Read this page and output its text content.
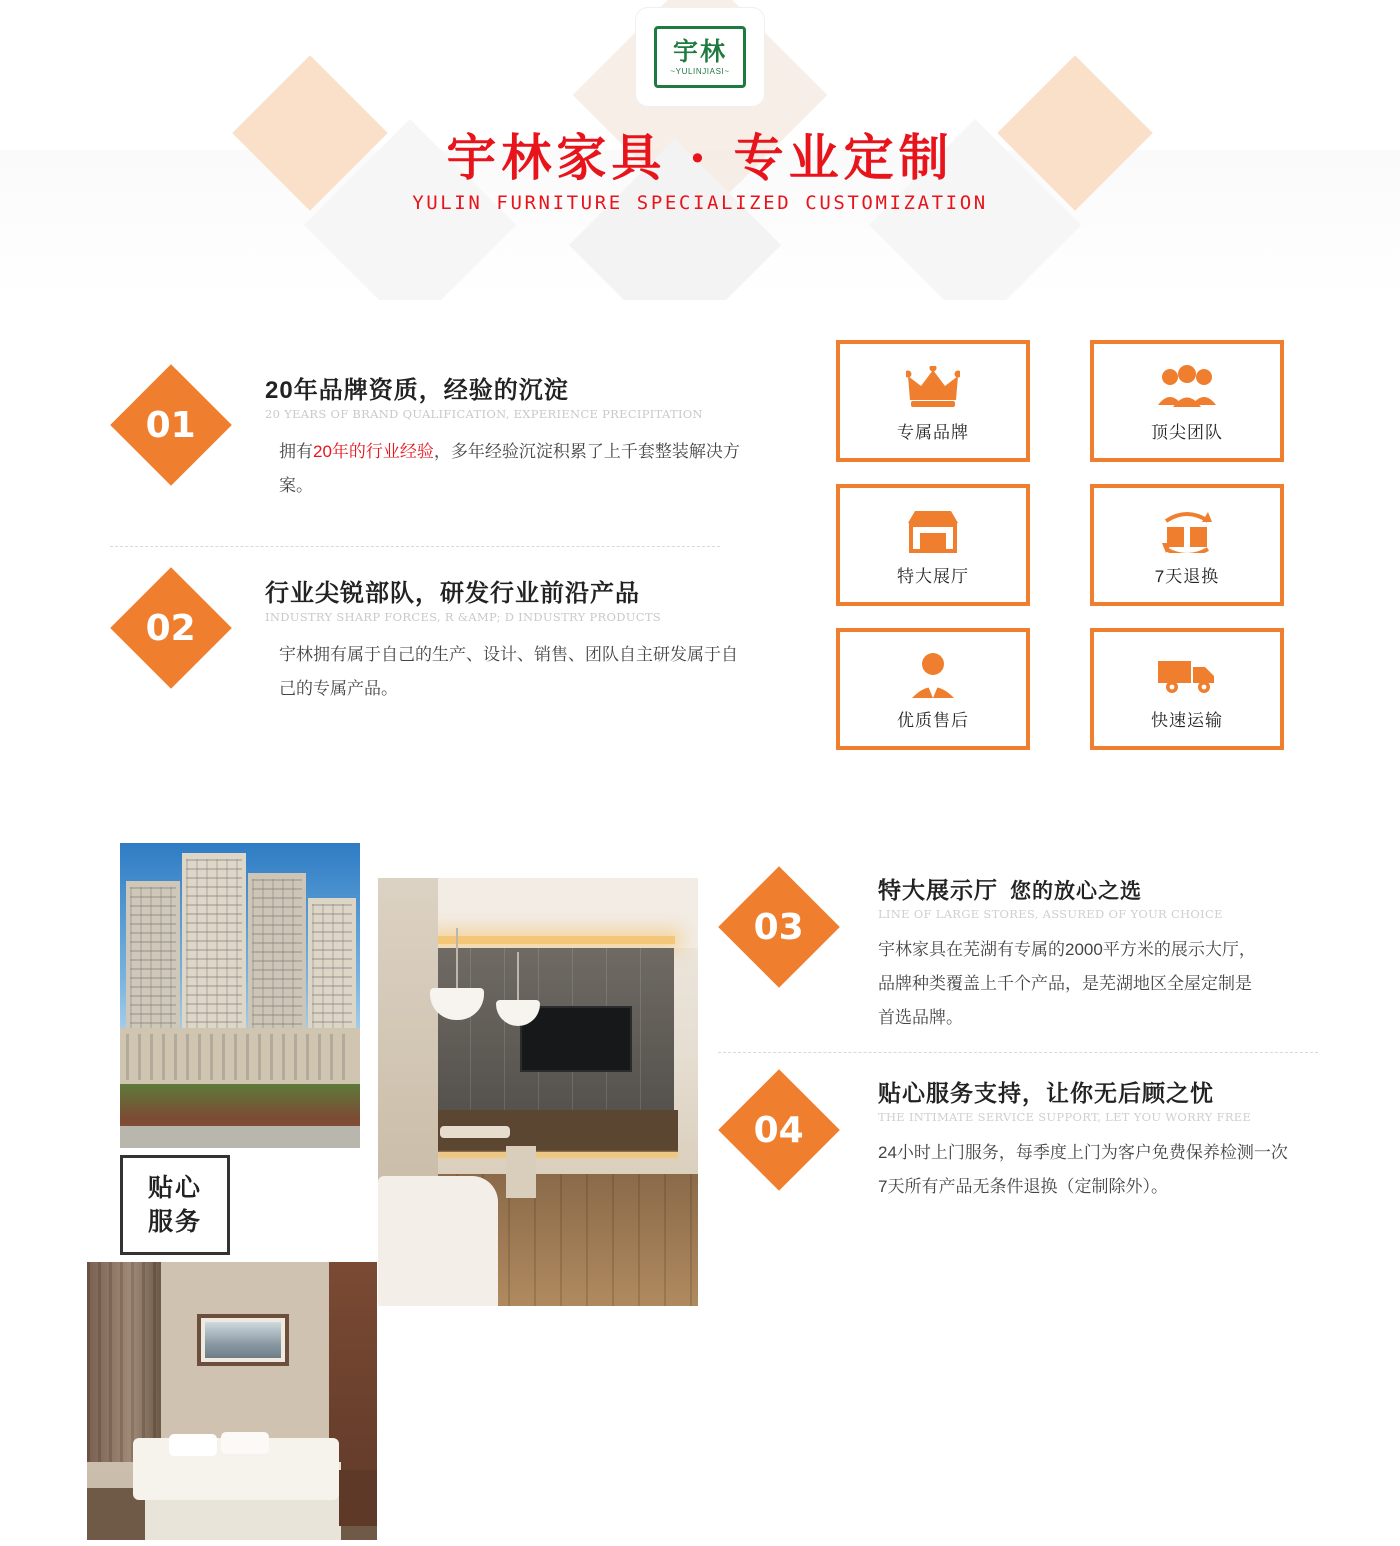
宇林
~YULINJIASI~
宇林家具 · 专业定制
YULIN FURNITURE SPECIALIZED CUSTOMIZATION
01
20年品牌资质，经验的沉淀
20 YEARS OF BRAND QUALIFICATION, EXPERIENCE PRECIPITATION
拥有20年的行业经验，多年经验沉淀积累了上千套整装解决方案。
02
行业尖锐部队，研发行业前沿产品
INDUSTRY SHARP FORCES, R &AMP; D INDUSTRY PRODUCTS
宇林拥有属于自己的生产、设计、销售、团队自主研发属于自己的专属产品。
专属品牌	顶尖团队
特大展厅	7天退换
优质售后	快速运输
贴心
服务
03
特大展示厅 您的放心之选
LINE OF LARGE STORES, ASSURED OF YOUR CHOICE
宇林家具在芜湖有专属的2000平方米的展示大厅，
品牌种类覆盖上千个产品，是芜湖地区全屋定制是
首选品牌。
04
贴心服务支持，让你无后顾之忧
THE INTIMATE SERVICE SUPPORT, LET YOU WORRY FREE
24小时上门服务，每季度上门为客户免费保养检测一次
7天所有产品无条件退换（定制除外）。
